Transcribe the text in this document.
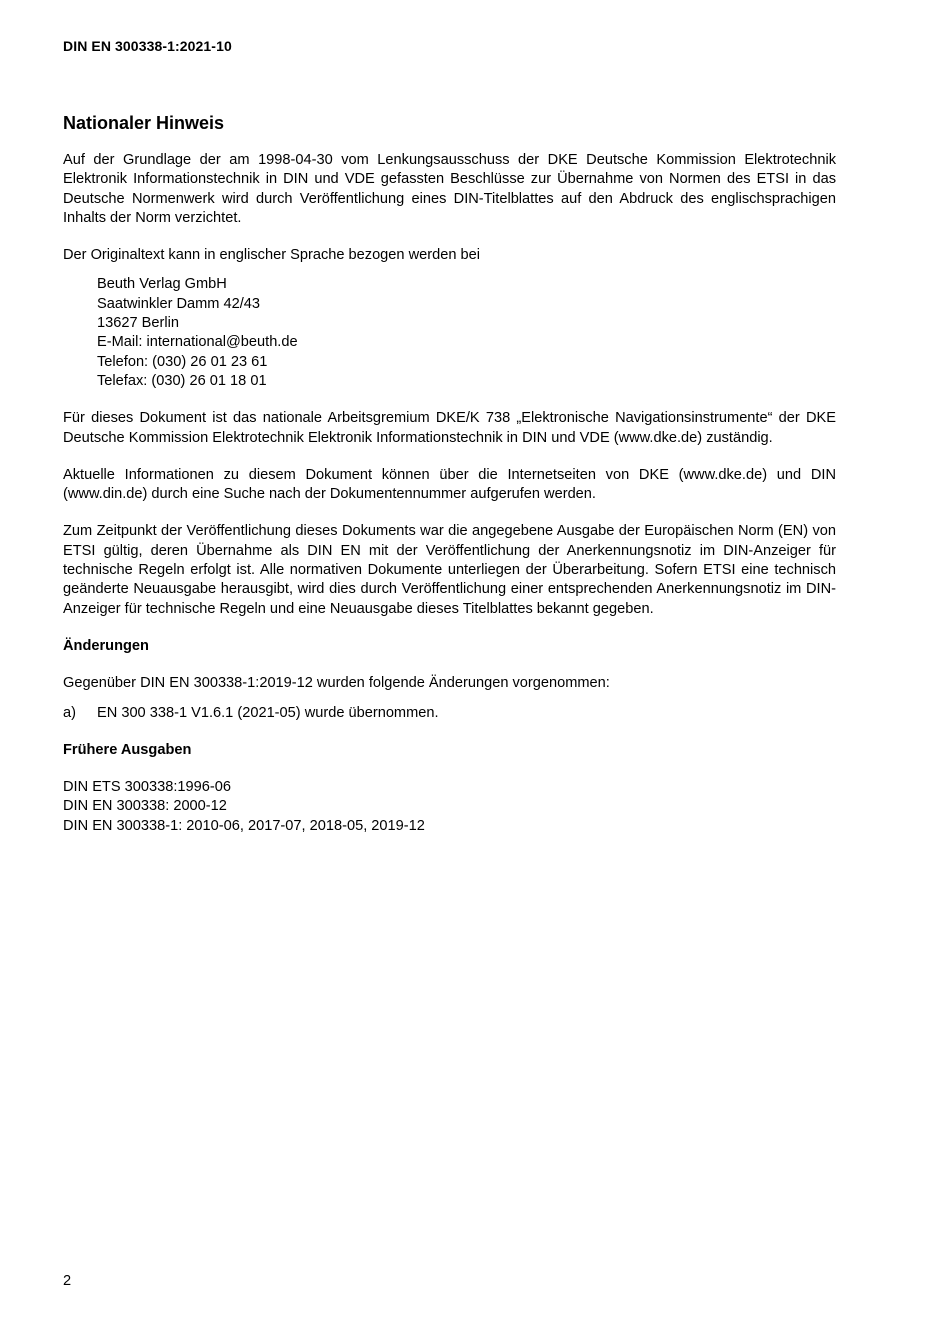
DIN EN 300338-1:2021-10
Nationaler Hinweis

Auf der Grundlage der am 1998-04-30 vom Lenkungsausschuss der DKE Deutsche Kommission Elektrotechnik Elektronik Informationstechnik in DIN und VDE gefassten Beschlüsse zur Übernahme von Normen des ETSI in das Deutsche Normenwerk wird durch Veröffentlichung eines DIN-Titelblattes auf den Abdruck des englischsprachigen Inhalts der Norm verzichtet.

Der Originaltext kann in englischer Sprache bezogen werden bei

Beuth Verlag GmbH
Saatwinkler Damm 42/43
13627 Berlin
E-Mail: international@beuth.de
Telefon: (030) 26 01 23 61
Telefax: (030) 26 01 18 01

Für dieses Dokument ist das nationale Arbeitsgremium DKE/K 738 „Elektronische Navigationsinstrumente“ der DKE Deutsche Kommission Elektrotechnik Elektronik Informationstechnik in DIN und VDE (www.dke.de) zuständig.

Aktuelle Informationen zu diesem Dokument können über die Internetseiten von DKE (www.dke.de) und DIN (www.din.de) durch eine Suche nach der Dokumentennummer aufgerufen werden.

Zum Zeitpunkt der Veröffentlichung dieses Dokuments war die angegebene Ausgabe der Europäischen Norm (EN) von ETSI gültig, deren Übernahme als DIN EN mit der Veröffentlichung der Anerkennungsnotiz im DIN-Anzeiger für technische Regeln erfolgt ist. Alle normativen Dokumente unterliegen der Überarbeitung. Sofern ETSI eine technisch geänderte Neuausgabe herausgibt, wird dies durch Veröffentlichung einer entsprechenden Anerkennungsnotiz im DIN-Anzeiger für technische Regeln und eine Neuausgabe dieses Titelblattes bekannt gegeben.

Änderungen

Gegenüber DIN EN 300338-1:2019-12 wurden folgende Änderungen vorgenommen:

a)	EN 300 338-1 V1.6.1 (2021-05) wurde übernommen.
Frühere Ausgaben
DIN ETS 300338:1996-06
DIN EN 300338: 2000-12
DIN EN 300338-1: 2010-06, 2017-07, 2018-05, 2019-12
2
